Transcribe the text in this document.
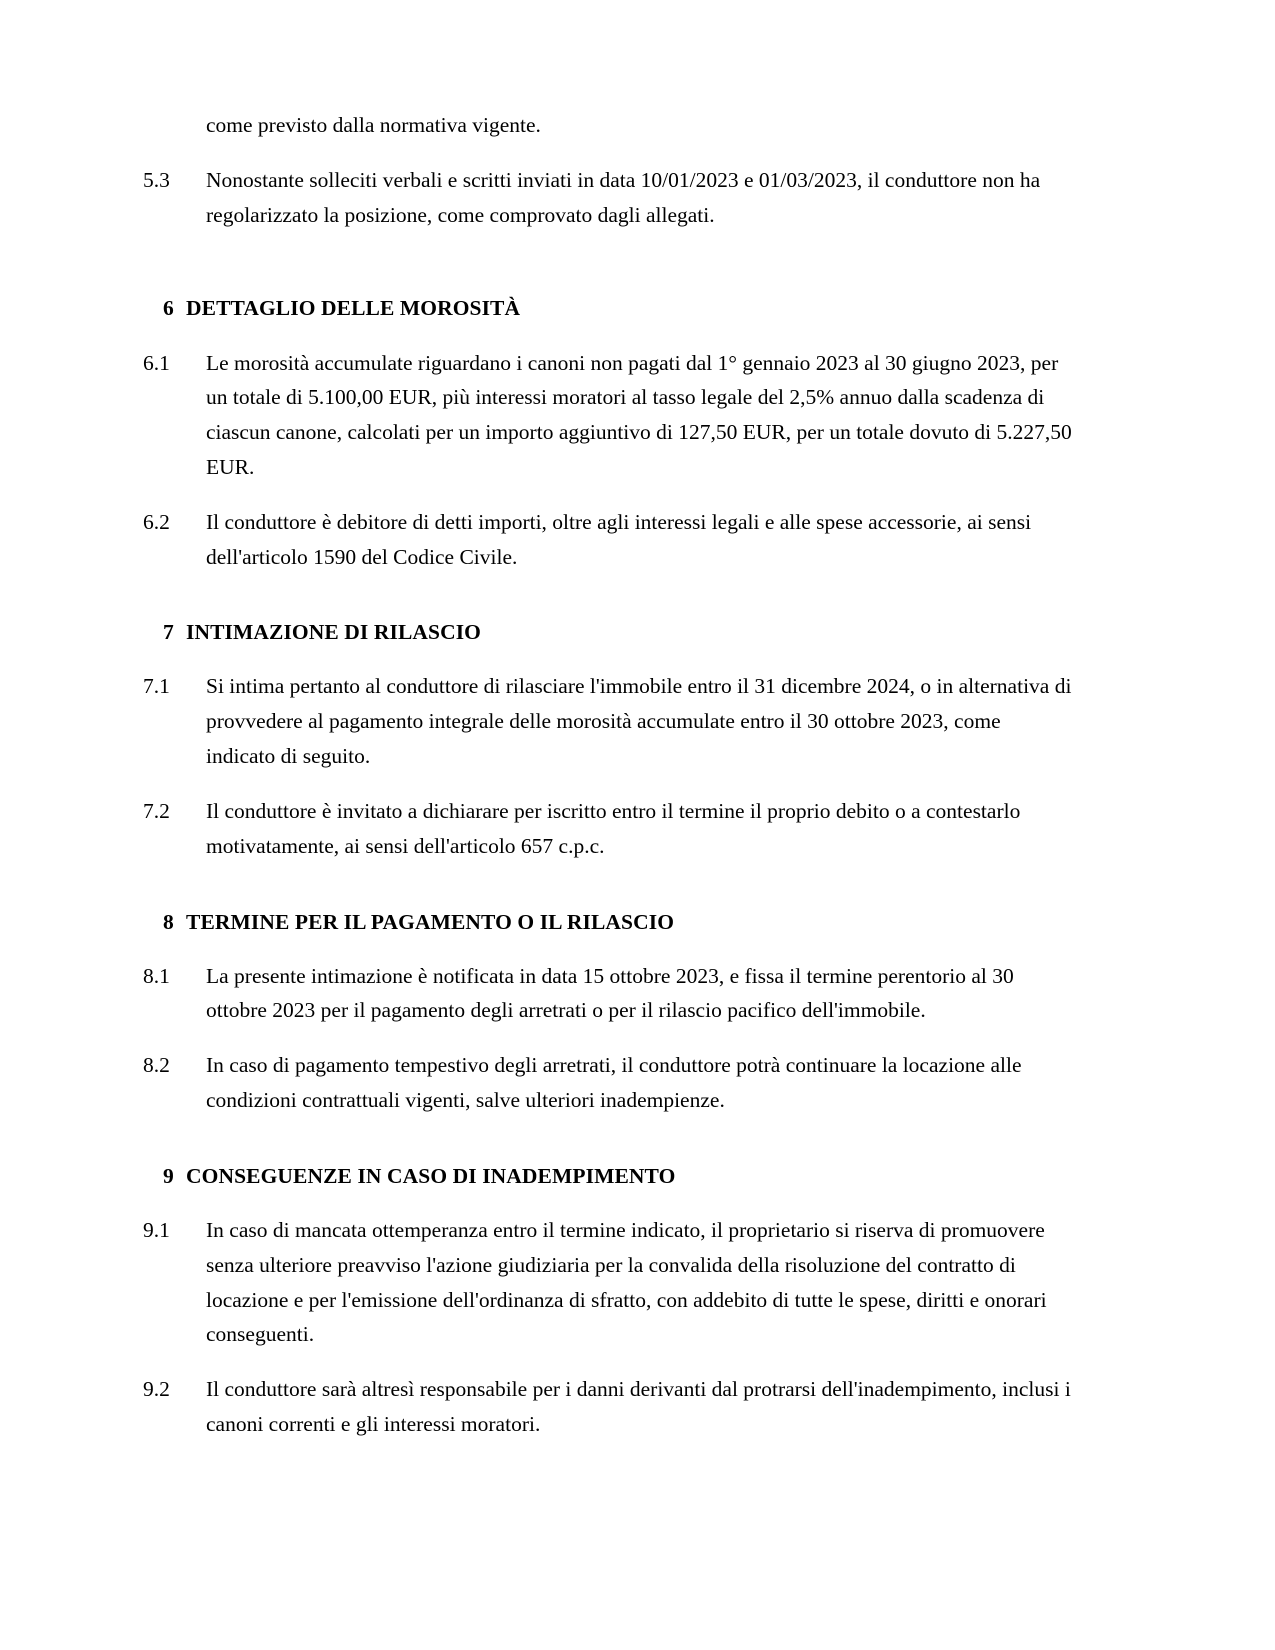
come previsto dalla normativa vigente.

5.3	Nonostante solleciti verbali e scritti inviati in data 10/01/2023 e 01/03/2023, il conduttore non ha regolarizzato la posizione, come comprovato dagli allegati.
6 DETTAGLIO DELLE MOROSITÀ
6.1	Le morosità accumulate riguardano i canoni non pagati dal 1° gennaio 2023 al 30 giugno 2023, per un totale di 5.100,00 EUR, più interessi moratori al tasso legale del 2,5% annuo dalla scadenza di ciascun canone, calcolati per un importo aggiuntivo di 127,50 EUR, per un totale dovuto di 5.227,50 EUR.
6.2	Il conduttore è debitore di detti importi, oltre agli interessi legali e alle spese accessorie, ai sensi dell'articolo 1590 del Codice Civile.
7 INTIMAZIONE DI RILASCIO
7.1	Si intima pertanto al conduttore di rilasciare l'immobile entro il 31 dicembre 2024, o in alternativa di provvedere al pagamento integrale delle morosità accumulate entro il 30 ottobre 2023, come indicato di seguito.
7.2	Il conduttore è invitato a dichiarare per iscritto entro il termine il proprio debito o a contestarlo motivatamente, ai sensi dell'articolo 657 c.p.c.
8 TERMINE PER IL PAGAMENTO O IL RILASCIO
8.1	La presente intimazione è notificata in data 15 ottobre 2023, e fissa il termine perentorio al 30 ottobre 2023 per il pagamento degli arretrati o per il rilascio pacifico dell'immobile.
8.2	In caso di pagamento tempestivo degli arretrati, il conduttore potrà continuare la locazione alle condizioni contrattuali vigenti, salve ulteriori inadempienze.
9 CONSEGUENZE IN CASO DI INADEMPIMENTO
9.1	In caso di mancata ottemperanza entro il termine indicato, il proprietario si riserva di promuovere senza ulteriore preavviso l'azione giudiziaria per la convalida della risoluzione del contratto di locazione e per l'emissione dell'ordinanza di sfratto, con addebito di tutte le spese, diritti e onorari conseguenti.
9.2	Il conduttore sarà altresì responsabile per i danni derivanti dal protrarsi dell'inadempimento, inclusi i canoni correnti e gli interessi moratori.
